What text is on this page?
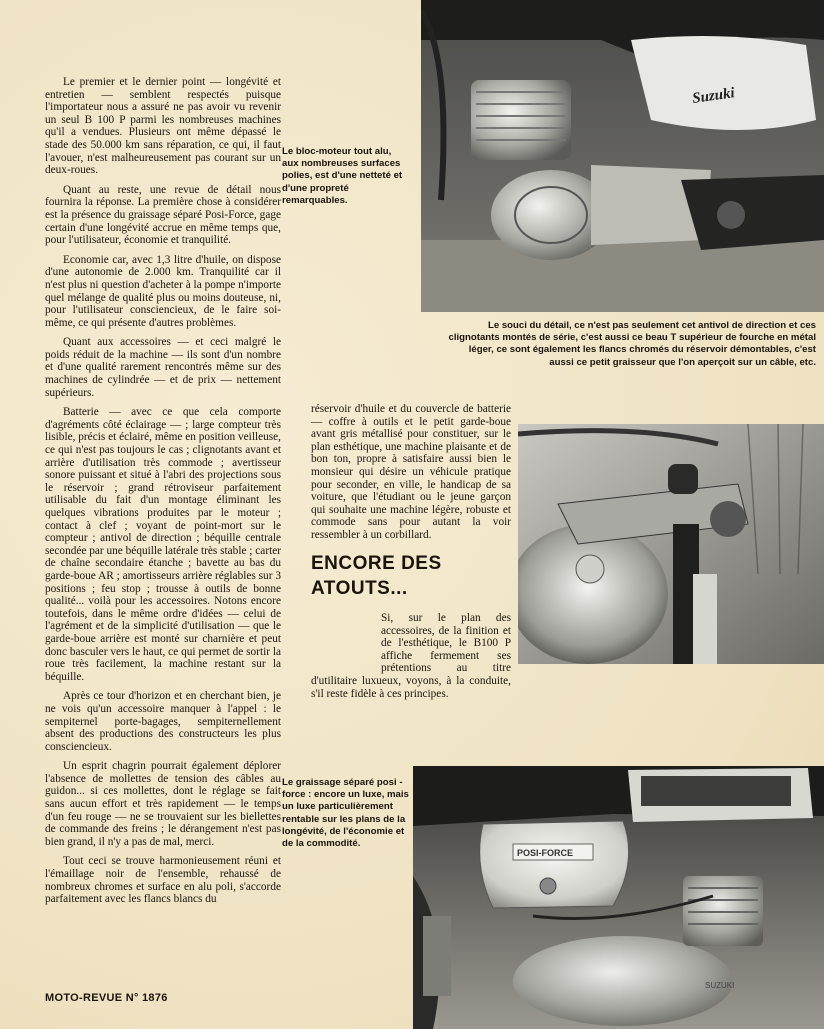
Le premier et le dernier point — longévité et entretien — semblent respectés puisque l'importateur nous a assuré ne pas avoir vu revenir un seul B 100 P parmi les nombreuses machines qu'il a vendues. Plusieurs ont même dépassé le stade des 50.000 km sans réparation, ce qui, il faut l'avouer, n'est malheureusement pas courant sur un deux-roues.

Quant au reste, une revue de détail nous fournira la réponse. La première chose à considérer est la présence du graissage séparé Posi-Force, gage certain d'une longévité accrue en même temps que, pour l'utilisateur, économie et tranquilité.

Economie car, avec 1,3 litre d'huile, on dispose d'une autonomie de 2.000 km. Tranquilité car il n'est plus ni question d'acheter à la pompe n'importe quel mélange de qualité plus ou moins douteuse, ni, pour l'utilisateur consciencieux, de le faire soi-même, ce qui présente d'autres problèmes.

Quant aux accessoires — et ceci malgré le poids réduit de la machine — ils sont d'un nombre et d'une qualité rarement rencontrés même sur des machines de cylindrée — et de prix — nettement supérieurs.

Batterie — avec ce que cela comporte d'agréments côté éclairage — ; large compteur très lisible, précis et éclairé, même en position veilleuse, ce qui n'est pas toujours le cas ; clignotants avant et arrière d'utilisation très commode ; avertisseur sonore puissant et situé à l'abri des projections sous le réservoir ; grand rétroviseur parfaitement utilisable du fait d'un montage éliminant les quelques vibrations produites par le moteur ; contact à clef ; voyant de point-mort sur le compteur ; antivol de direction ; béquille centrale secondée par une béquille latérale très stable ; carter de chaîne secondaire étanche ; bavette au bas du garde-boue AR ; amortisseurs arrière réglables sur 3 positions ; feu stop ; trousse à outils de bonne qualité... voilà pour les accessoires. Notons encore toutefois, dans le même ordre d'idées — celui de l'agrément et de la simplicité d'utilisation — que le garde-boue arrière est monté sur charnière et peut donc basculer vers le haut, ce qui permet de sortir la roue très facilement, la machine restant sur la béquille.

Après ce tour d'horizon et en cherchant bien, je ne vois qu'un accessoire manquer à l'appel : le sempiternel porte-bagages, sempiternellement absent des productions des constructeurs les plus consciencieux.

Un esprit chagrin pourrait également déplorer l'absence de mollettes de tension des câbles au guidon... si ces mollettes, dont le réglage se fait sans aucun effort et très rapidement — le temps d'un feu rouge — ne se trouvaient sur les biellettes de commande des freins ; le dérangement n'est pas bien grand, il n'y a pas de mal, merci.

Tout ceci se trouve harmonieusement réuni et l'émaillage noir de l'ensemble, rehaussé de nombreux chromes et surface en alu poli, s'accorde parfaitement avec les flancs blancs du

réservoir d'huile et du couvercle de batterie — coffre à outils et le petit garde-boue avant gris métallisé pour constituer, sur le plan esthétique, une machine plaisante et de bon ton, propre à satisfaire aussi bien le monsieur qui désire un véhicule pratique pour seconder, en ville, le handicap de sa voiture, que l'étudiant ou le jeune garçon qui souhaite une machine légère, robuste et commode sans pour autant la voir ressembler à un corbillard.

ENCORE DES ATOUTS...

Si, sur le plan des accessoires, de la finition et de l'esthétique, le B100 P affiche fermement ses prétentions au titre d'utilitaire luxueux, voyons, à la conduite, s'il reste fidèle à ces principes.

Le bloc-moteur tout alu, aux nombreuses surfaces polies, est d'une netteté et d'une propreté remarquables.
Le souci du détail, ce n'est pas seulement cet antivol de direction et ces clignotants montés de série, c'est aussi ce beau T supérieur de fourche en métal léger, ce sont également les flancs chromés du réservoir démontables, c'est aussi ce petit graisseur que l'on aperçoit sur un câble, etc.
Le graissage séparé posi - force : encore un luxe, mais un luxe particulièrement rentable sur les plans de la longévité, de l'économie et de la commodité.
Suzuki
POSI-FORCE
SUZUKI
MOTO-REVUE N° 1876
